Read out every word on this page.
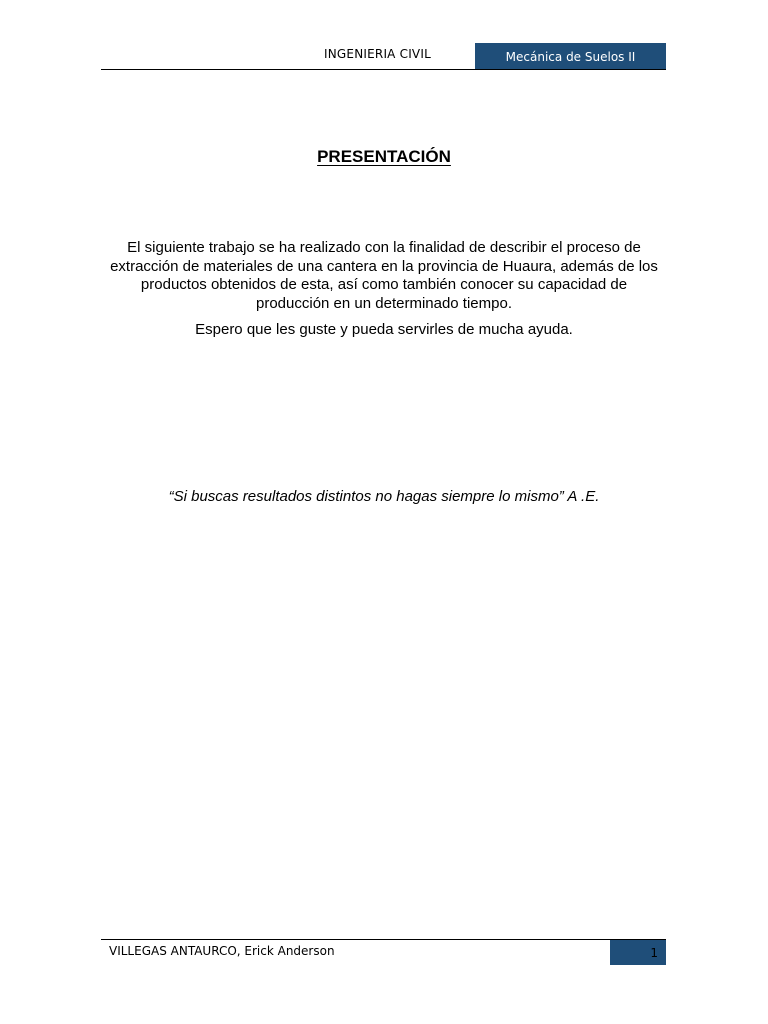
INGENIERIA CIVIL	Mecánica de Suelos II
PRESENTACIÓN
El siguiente trabajo se ha realizado con la finalidad de describir el proceso de extracción de materiales de una cantera en la provincia de Huaura, además de los productos obtenidos de esta, así como también conocer su capacidad de producción en un determinado tiempo.
Espero que les guste y pueda servirles de mucha ayuda.
“Si buscas resultados distintos no hagas siempre lo mismo” A .E.
VILLEGAS ANTAURCO, Erick Anderson	1
